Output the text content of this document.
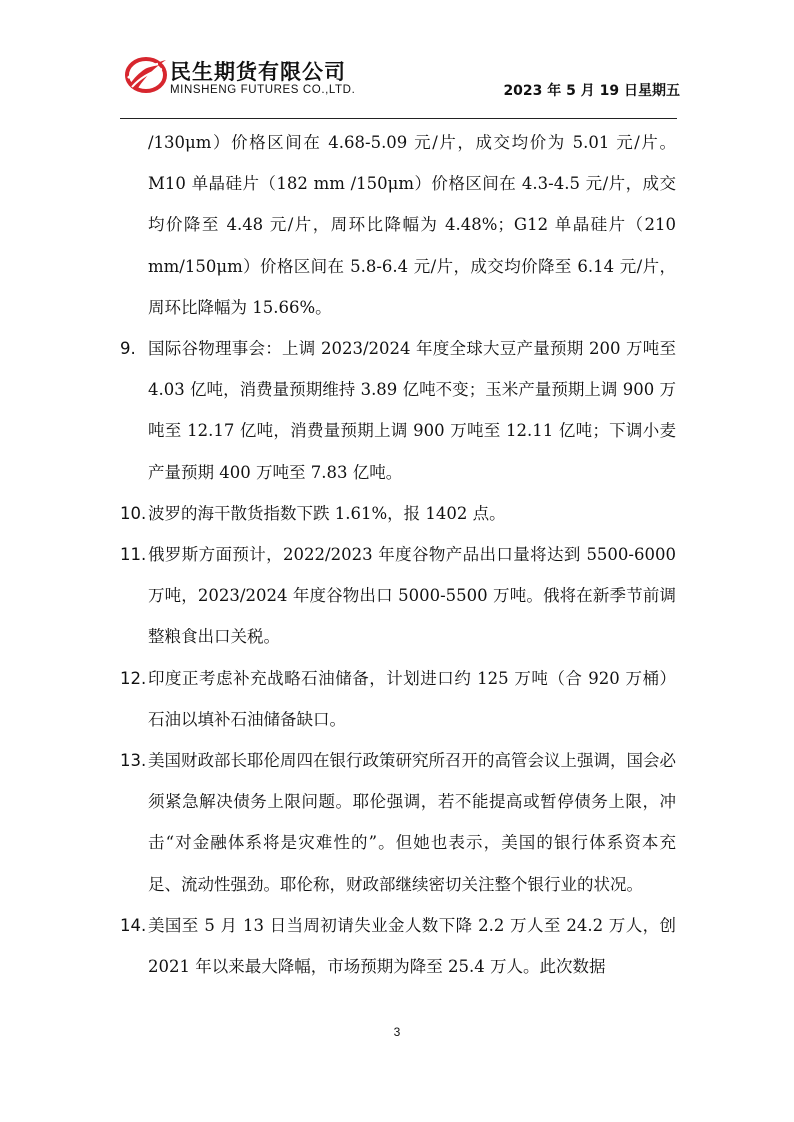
民生期货有限公司
MINSHENG FUTURES CO.,LTD.	2023 年 5 月 19 日星期五

/130μm）价格区间在 4.68-5.09 元/片，成交均价为 5.01 元/片。M10 单晶硅片（182 mm /150μm）价格区间在 4.3-4.5 元/片，成交均价降至 4.48 元/片，周环比降幅为 4.48%；G12 单晶硅片（210 mm/150μm）价格区间在 5.8-6.4 元/片，成交均价降至 6.14 元/片，周环比降幅为 15.66%。

9. 国际谷物理事会：上调 2023/2024 年度全球大豆产量预期 200 万吨至 4.03 亿吨，消费量预期维持 3.89 亿吨不变；玉米产量预期上调 900 万吨至 12.17 亿吨，消费量预期上调 900 万吨至 12.11 亿吨；下调小麦产量预期 400 万吨至 7.83 亿吨。
10. 波罗的海干散货指数下跌 1.61%，报 1402 点。
11. 俄罗斯方面预计，2022/2023 年度谷物产品出口量将达到 5500-6000 万吨，2023/2024 年度谷物出口 5000-5500 万吨。俄将在新季节前调整粮食出口关税。
12. 印度正考虑补充战略石油储备，计划进口约 125 万吨（合 920 万桶）石油以填补石油储备缺口。
13. 美国财政部长耶伦周四在银行政策研究所召开的高管会议上强调，国会必须紧急解决债务上限问题。耶伦强调，若不能提高或暂停债务上限，冲击“对金融体系将是灾难性的”。但她也表示，美国的银行体系资本充足、流动性强劲。耶伦称，财政部继续密切关注整个银行业的状况。
14. 美国至 5 月 13 日当周初请失业金人数下降 2.2 万人至 24.2 万人，创 2021 年以来最大降幅，市场预期为降至 25.4 万人。此次数据
3
